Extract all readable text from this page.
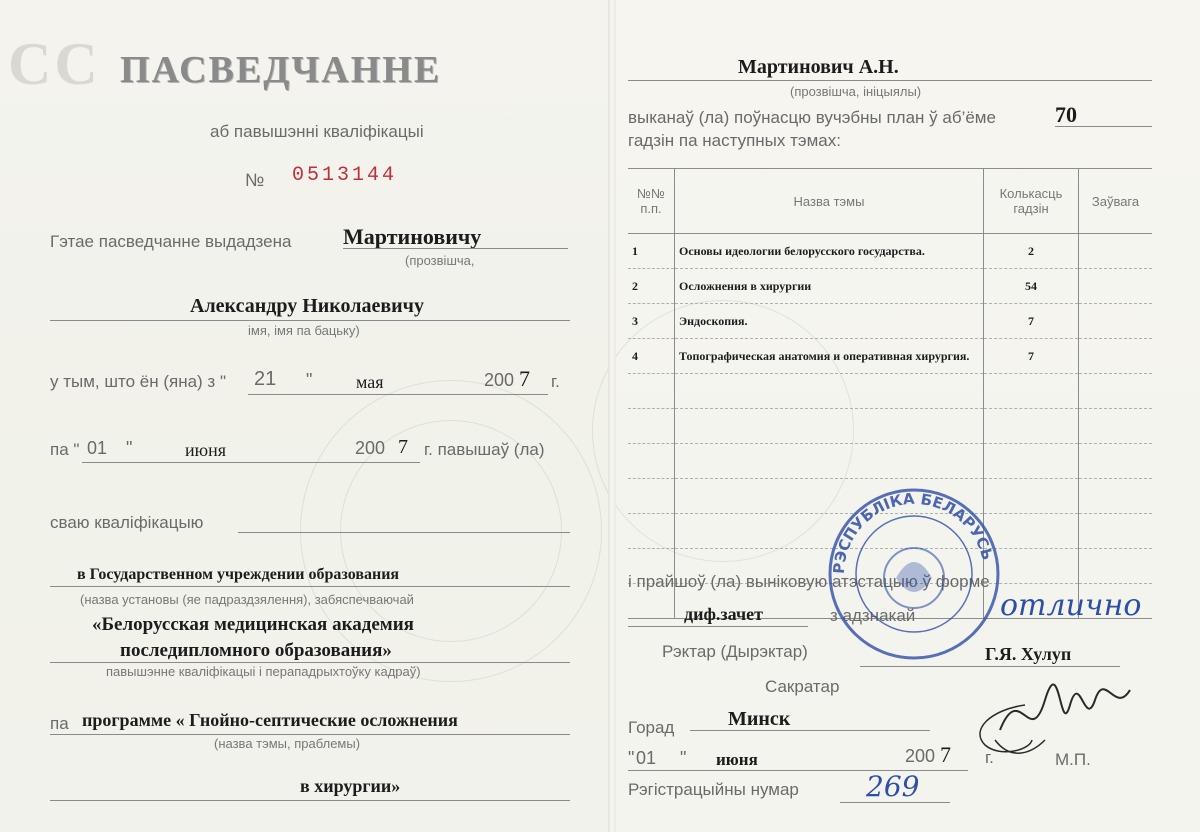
С С ПАСВЕДЧАННЕ
аб павышэнні кваліфікацыі
№ 0513144
Гэтае пасведчанне выдадзена Мартиновичу
(прозвішча,
Александру Николаевичу
імя, імя па бацьку)
у тым, што ён (яна) з " 21 " мая	200 7 г.
па " 01 "	июня	200 7 г. павышаў (ла)
сваю кваліфікацыю
в Государственном учреждении образования
(назва установы (яе падраздзялення), забяспечваючай
«Белорусская медицинская академия
последипломного образования»
павышэнне кваліфікацыі і перападрыхтоўку кадраў)
па программе « Гнойно-септические осложнения
(назва тэмы, праблемы)
в хирургии»
Мартинович А.Н.
(прозвішча, ініцыялы)
выканаў (ла) поўнасцю вучэбны план ў аб’ёме	70
гадзін па наступных тэмах:
№№ п.п.	Назва тэмы	Колькасць гадзін	Заўвага
1	Основы идеологии белорусского государства.	2	
2	Осложнения в хирургии	54	
3	Эндоскопия.	7	
4	Топографическая анатомия и оперативная хирургия.	7	

і прайшоў (ла) выніковую атэстацыю ў форме
диф.зачет	з адзнакай	отлично
Рэктар (Дырэктар)	Г.Я. Хулуп
Сакратар
Горад	Минск
" 01 " июня	200 7 г.	М.П.
Рэгістрацыйны нумар 269
РЭСПУБЛІКА БЕЛАРУСЬ
